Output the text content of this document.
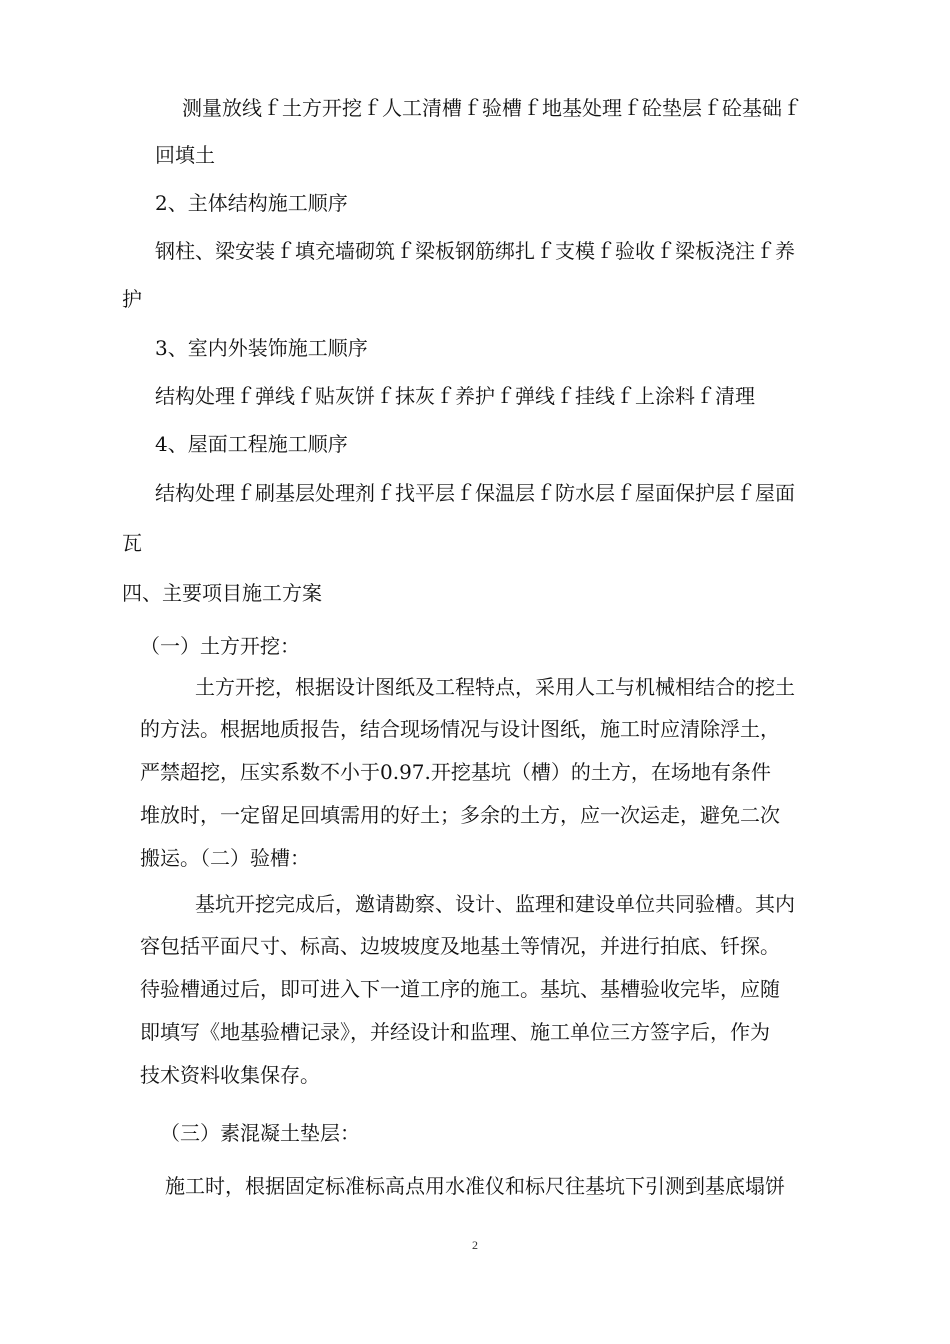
测量放线ｆ土方开挖ｆ人工清槽ｆ验槽ｆ地基处理ｆ砼垫层ｆ砼基础ｆ
回填土
2、主体结构施工顺序
钢柱、梁安装ｆ填充墙砌筑ｆ梁板钢筋绑扎ｆ支模ｆ验收ｆ梁板浇注ｆ养
护
3、室内外装饰施工顺序
结构处理ｆ弹线ｆ贴灰饼ｆ抹灰ｆ养护ｆ弹线ｆ挂线ｆ上涂料ｆ清理
4、屋面工程施工顺序
结构处理ｆ刷基层处理剂ｆ找平层ｆ保温层ｆ防水层ｆ屋面保护层ｆ屋面
瓦
四、主要项目施工方案
（一）土方开挖：
土方开挖，根据设计图纸及工程特点，采用人工与机械相结合的挖土
的方法。根据地质报告，结合现场情况与设计图纸，施工时应清除浮土，
严禁超挖，压实系数不小于0.97.开挖基坑（槽）的土方，在场地有条件
堆放时，一定留足回填需用的好土；多余的土方，应一次运走，避免二次
搬运。（二）验槽：
基坑开挖完成后，邀请勘察、设计、监理和建设单位共同验槽。其内
容包括平面尺寸、标高、边坡坡度及地基土等情况，并进行拍底、钎探。
待验槽通过后，即可进入下一道工序的施工。基坑、基槽验收完毕，应随
即填写《地基验槽记录》，并经设计和监理、施工单位三方签字后，作为
技术资料收集保存。
（三）素混凝土垫层：
施工时，根据固定标准标高点用水准仪和标尺往基坑下引测到基底塌饼
2
